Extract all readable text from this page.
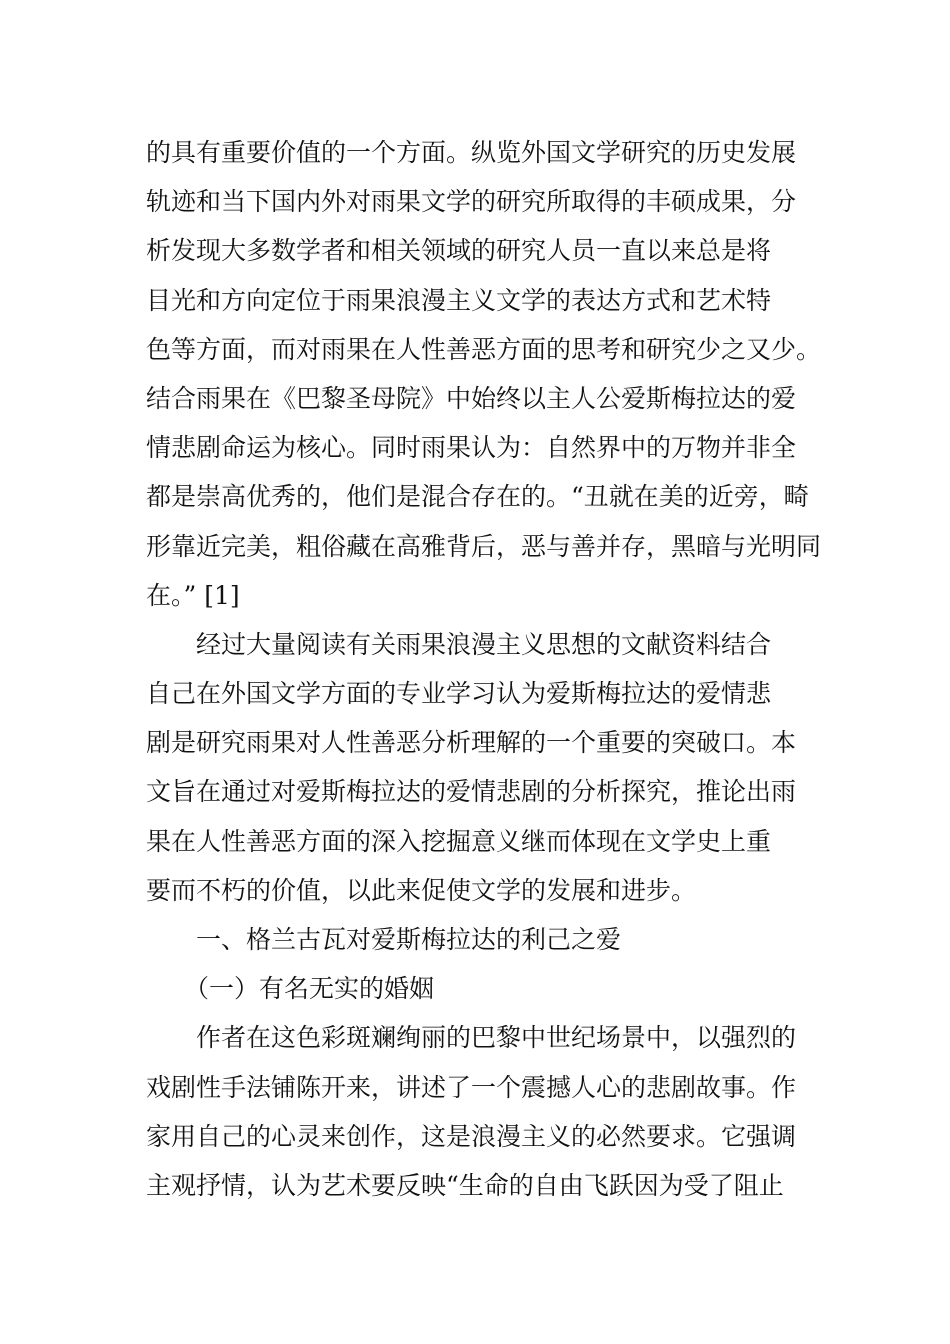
的具有重要价值的一个方面。纵览外国文学研究的历史发展
轨迹和当下国内外对雨果文学的研究所取得的丰硕成果，分
析发现大多数学者和相关领域的研究人员一直以来总是将
目光和方向定位于雨果浪漫主义文学的表达方式和艺术特
色等方面，而对雨果在人性善恶方面的思考和研究少之又少。
结合雨果在《巴黎圣母院》中始终以主人公爱斯梅拉达的爱
情悲剧命运为核心。同时雨果认为：自然界中的万物并非全
都是崇高优秀的，他们是混合存在的。“丑就在美的近旁，畸
形靠近完美，粗俗藏在高雅背后，恶与善并存，黑暗与光明同
在。” [1]
经过大量阅读有关雨果浪漫主义思想的文献资料结合
自己在外国文学方面的专业学习认为爱斯梅拉达的爱情悲
剧是研究雨果对人性善恶分析理解的一个重要的突破口。本
文旨在通过对爱斯梅拉达的爱情悲剧的分析探究，推论出雨
果在人性善恶方面的深入挖掘意义继而体现在文学史上重
要而不朽的价值，以此来促使文学的发展和进步。
一、格兰古瓦对爱斯梅拉达的利己之爱
（一）有名无实的婚姻
作者在这色彩斑斓绚丽的巴黎中世纪场景中，以强烈的
戏剧性手法铺陈开来，讲述了一个震撼人心的悲剧故事。作
家用自己的心灵来创作，这是浪漫主义的必然要求。它强调
主观抒情，认为艺术要反映“生命的自由飞跃因为受了阻止
